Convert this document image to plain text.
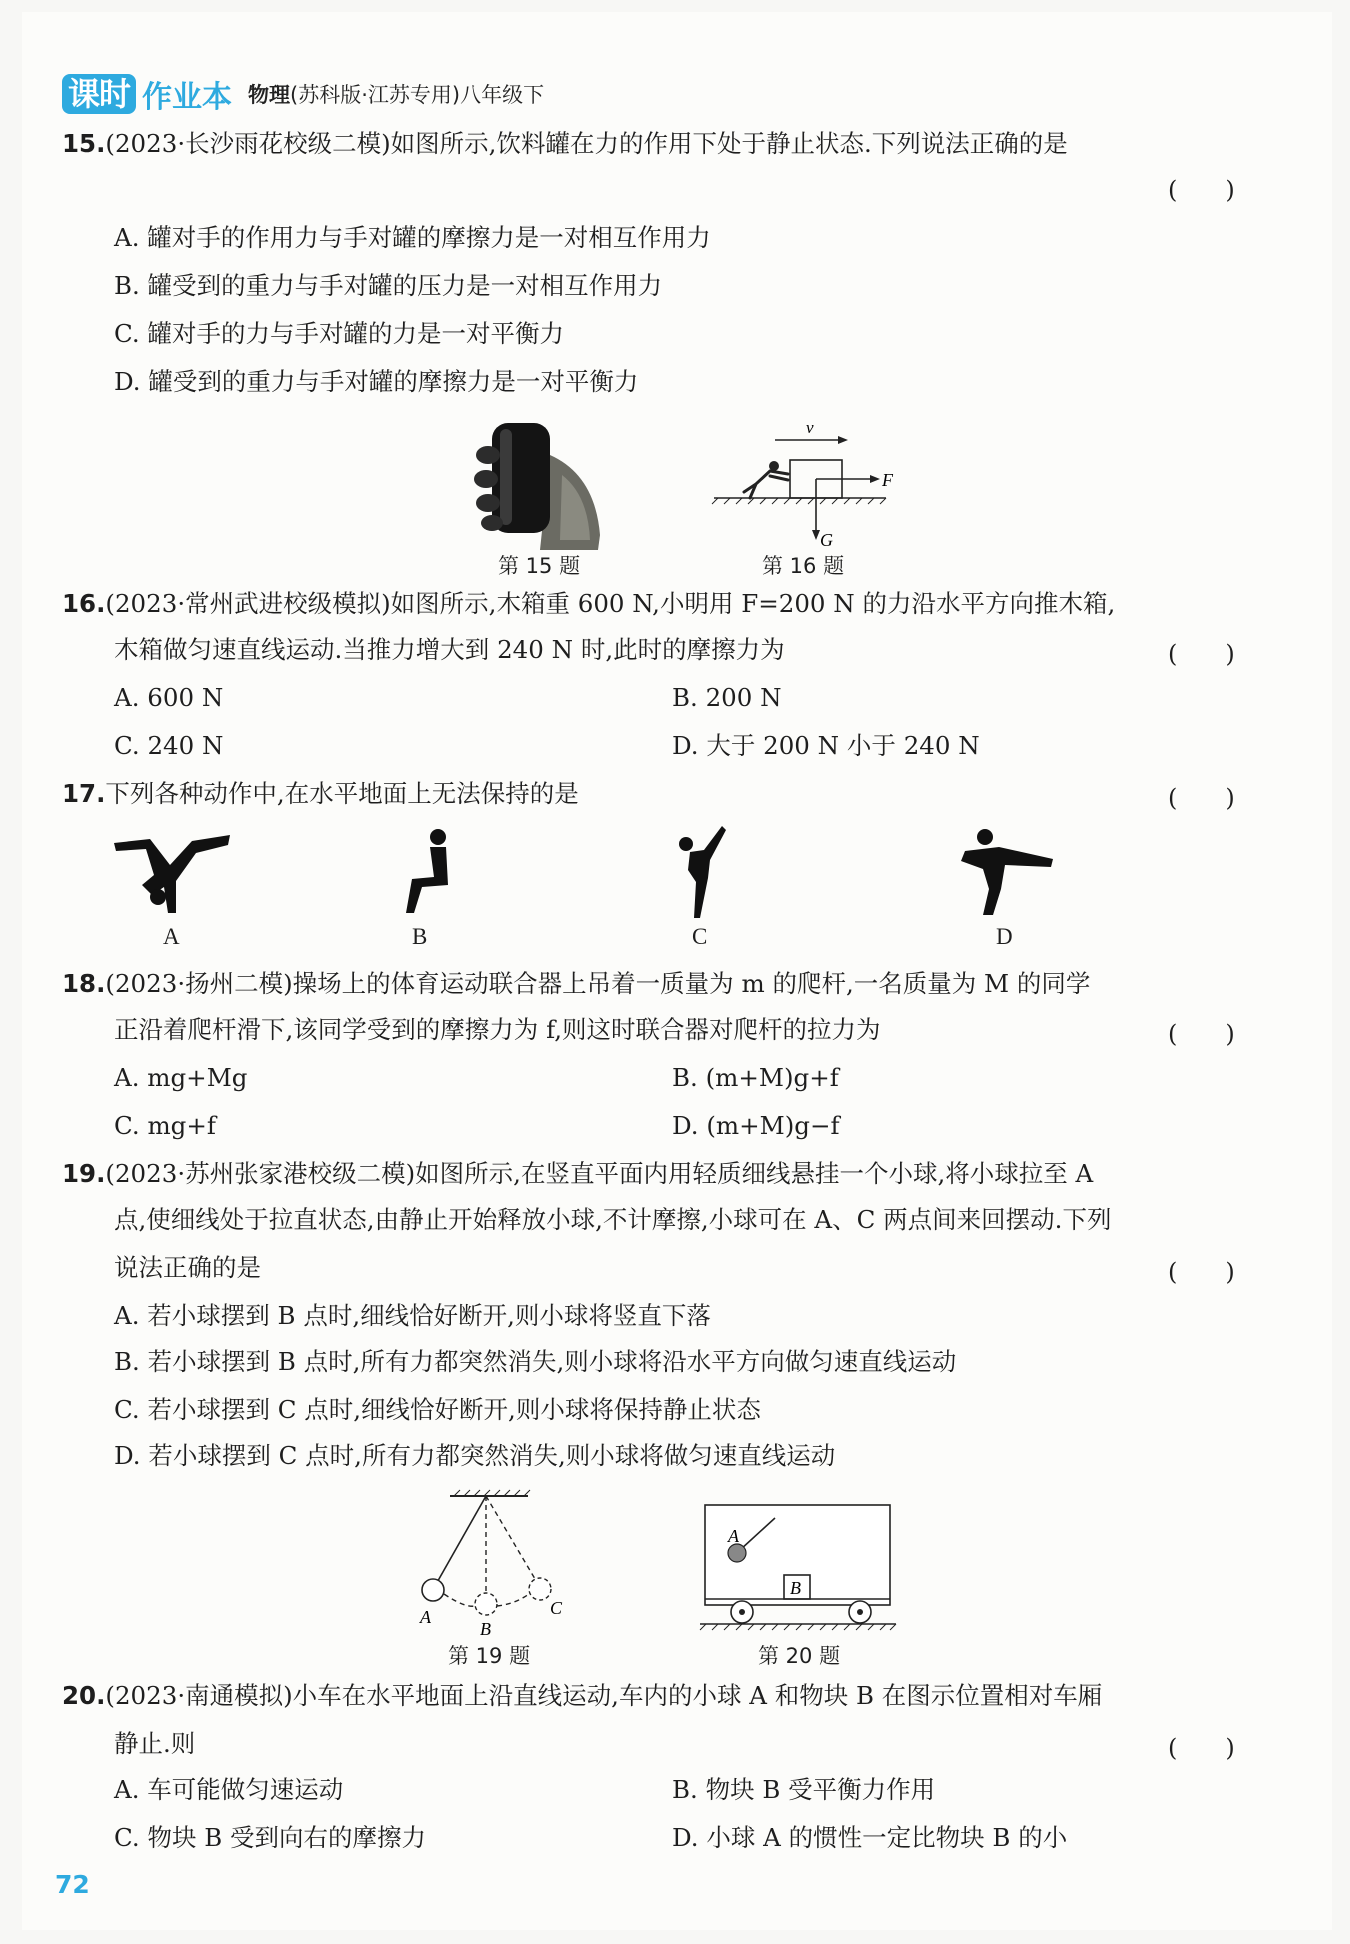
课时 作业本 物理(苏科版·江苏专用)八年级下
15.(2023·长沙雨花校级二模)如图所示,饮料罐在力的作用下处于静止状态.下列说法正确的是
(　　)
A. 罐对手的作用力与手对罐的摩擦力是一对相互作用力
B. 罐受到的重力与手对罐的压力是一对相互作用力
C. 罐对手的力与手对罐的力是一对平衡力
D. 罐受到的重力与手对罐的摩擦力是一对平衡力
第 15 题
v
F
G
第 16 题
16.(2023·常州武进校级模拟)如图所示,木箱重 600 N,小明用 F=200 N 的力沿水平方向推木箱,
木箱做匀速直线运动.当推力增大到 240 N 时,此时的摩擦力为	(　　)
A. 600 N	B. 200 N
C. 240 N	D. 大于 200 N 小于 240 N
17.下列各种动作中,在水平地面上无法保持的是	(　　)
A	B	C	D
18.(2023·扬州二模)操场上的体育运动联合器上吊着一质量为 m 的爬杆,一名质量为 M 的同学
正沿着爬杆滑下,该同学受到的摩擦力为 f,则这时联合器对爬杆的拉力为	(　　)
A. mg+Mg	B. (m+M)g+f
C. mg+f	D. (m+M)g−f
19.(2023·苏州张家港校级二模)如图所示,在竖直平面内用轻质细线悬挂一个小球,将小球拉至 A
点,使细线处于拉直状态,由静止开始释放小球,不计摩擦,小球可在 A、C 两点间来回摆动.下列
说法正确的是	(　　)
A. 若小球摆到 B 点时,细线恰好断开,则小球将竖直下落
B. 若小球摆到 B 点时,所有力都突然消失,则小球将沿水平方向做匀速直线运动
C. 若小球摆到 C 点时,细线恰好断开,则小球将保持静止状态
D. 若小球摆到 C 点时,所有力都突然消失,则小球将做匀速直线运动
A
B
C
第 19 题
A
B
第 20 题
20.(2023·南通模拟)小车在水平地面上沿直线运动,车内的小球 A 和物块 B 在图示位置相对车厢
静止.则	(　　)
A. 车可能做匀速运动	B. 物块 B 受平衡力作用
C. 物块 B 受到向右的摩擦力	D. 小球 A 的惯性一定比物块 B 的小
72
